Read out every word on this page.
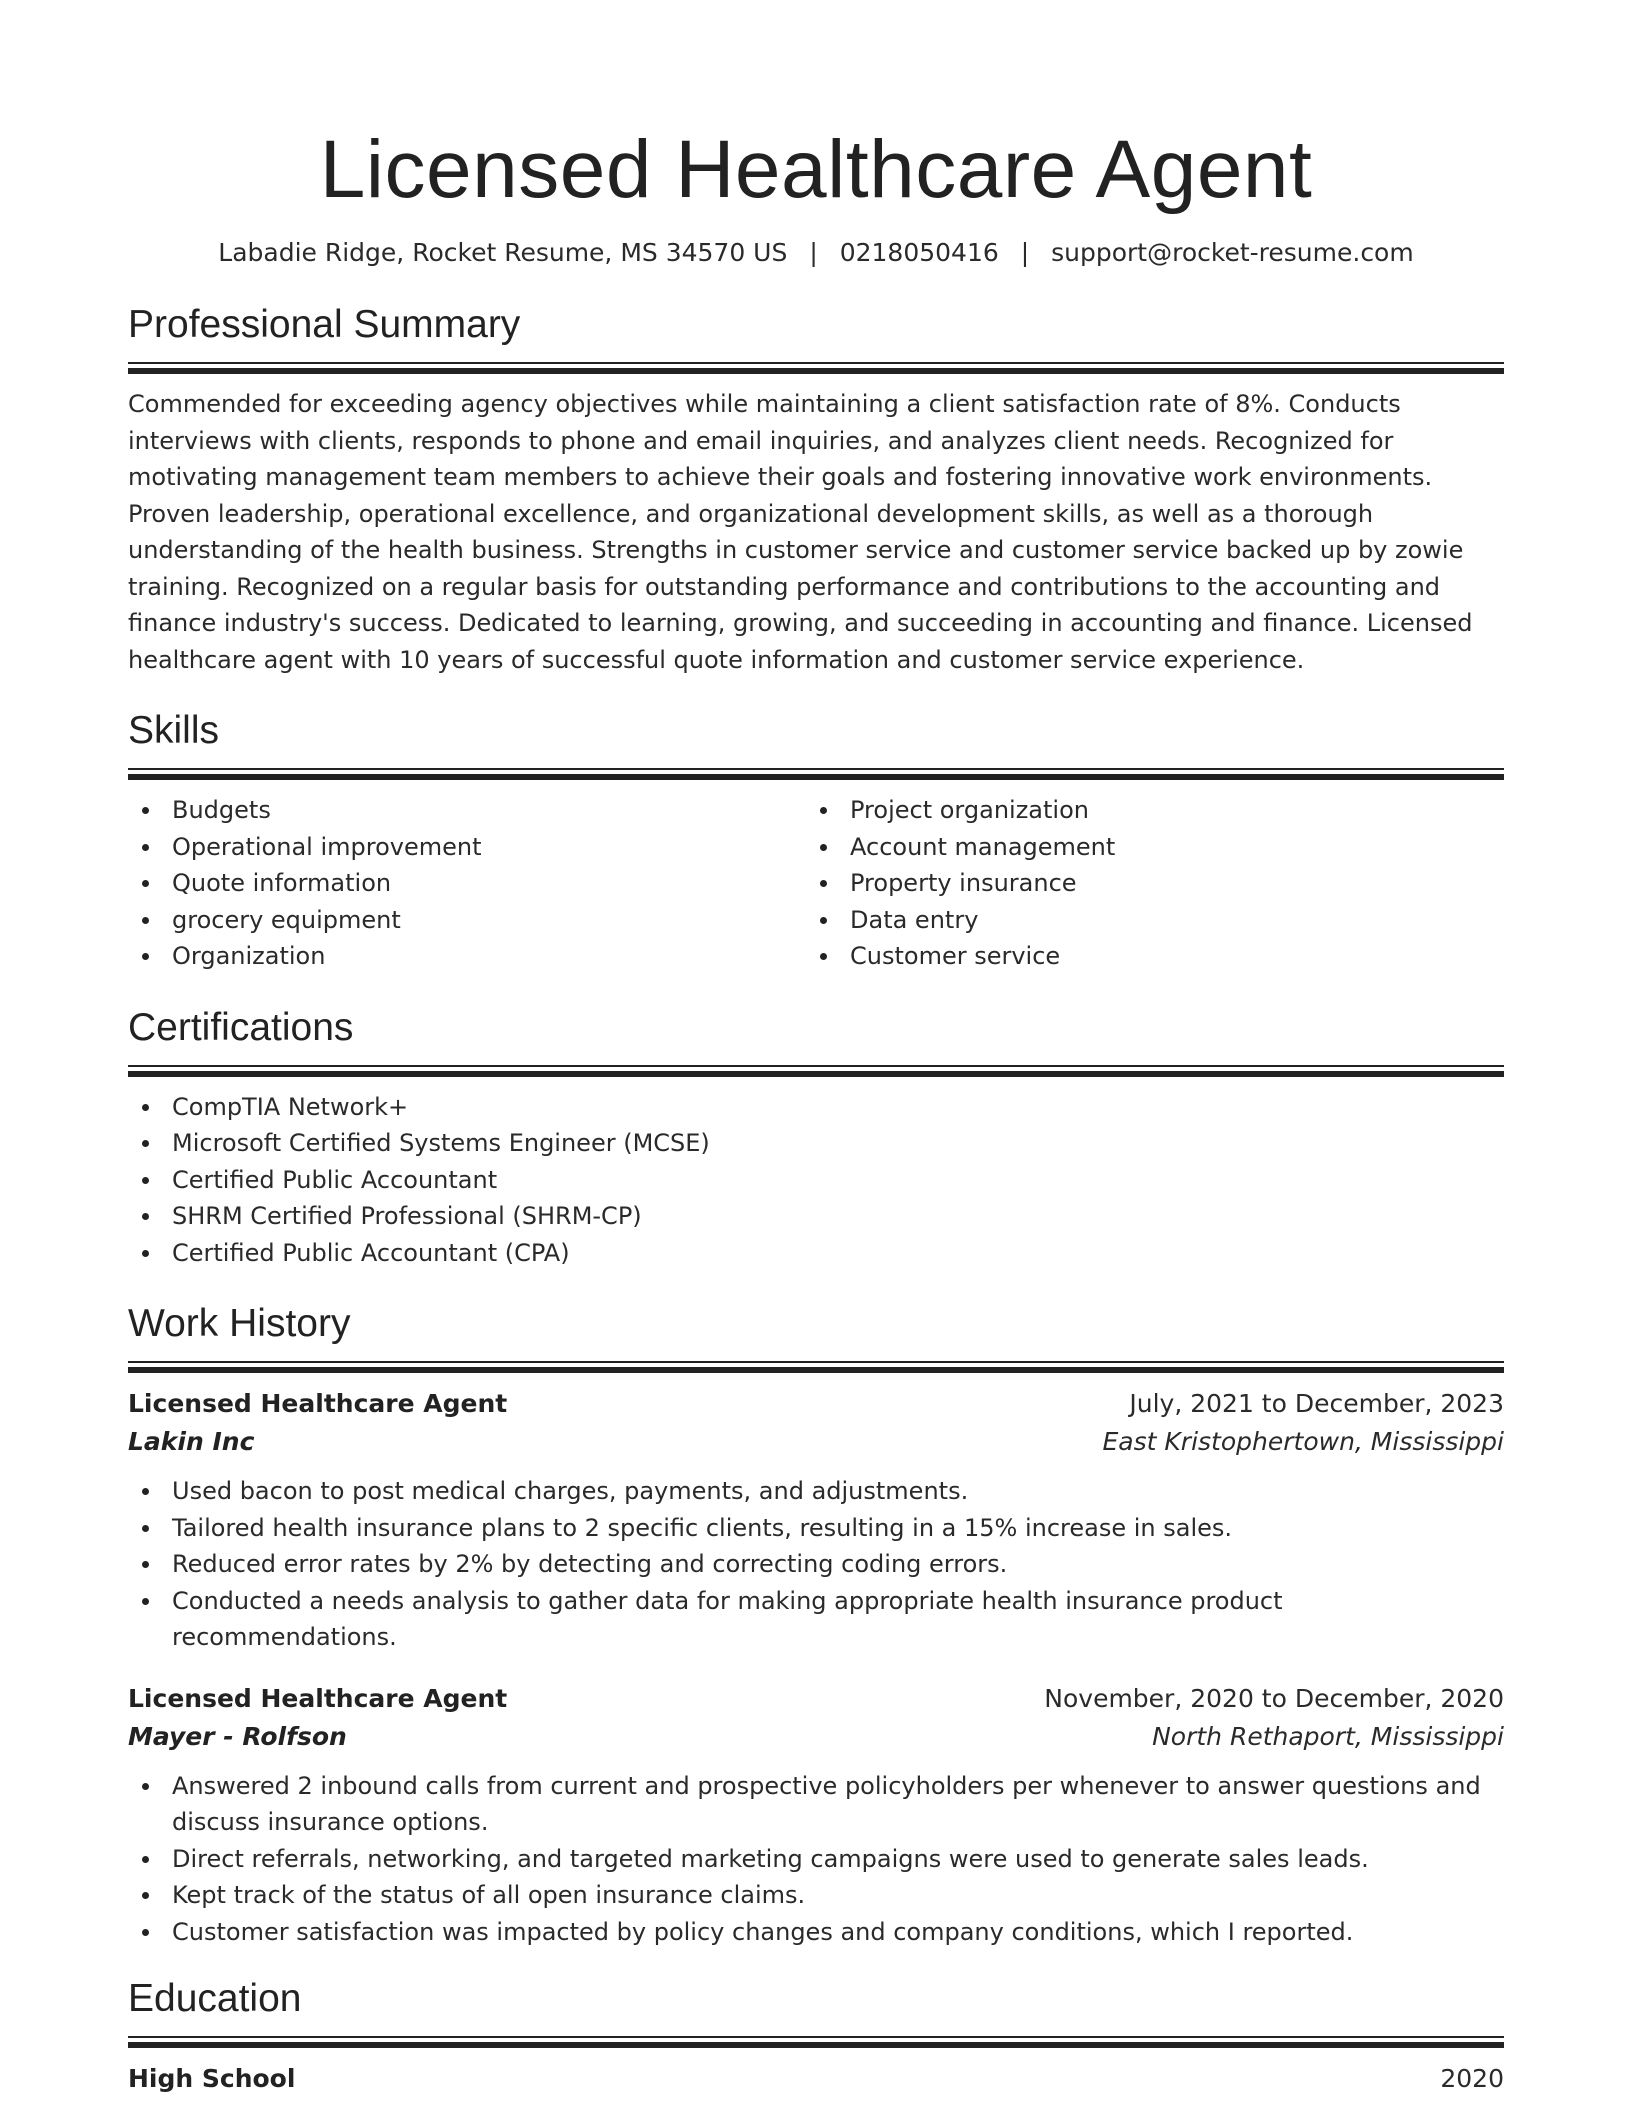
Licensed Healthcare Agent
Labadie Ridge, Rocket Resume, MS 34570 US | 0218050416 | support@rocket-resume.com
Professional Summary

Commended for exceeding agency objectives while maintaining a client satisfaction rate of 8%. Conducts interviews with clients, responds to phone and email inquiries, and analyzes client needs. Recognized for motivating management team members to achieve their goals and fostering innovative work environments. Proven leadership, operational excellence, and organizational development skills, as well as a thorough understanding of the health business. Strengths in customer service and customer service backed up by zowie training. Recognized on a regular basis for outstanding performance and contributions to the accounting and finance industry's success. Dedicated to learning, growing, and succeeding in accounting and finance. Licensed healthcare agent with 10 years of successful quote information and customer service experience.

Skills
Budgets
Operational improvement
Quote information
grocery equipment
Organization
Project organization
Account management
Property insurance
Data entry
Customer service
Certifications
CompTIA Network+
Microsoft Certified Systems Engineer (MCSE)
Certified Public Accountant
SHRM Certified Professional (SHRM-CP)
Certified Public Accountant (CPA)
Work History
Licensed Healthcare Agent	July, 2021 to December, 2023
Lakin Inc	East Kristophertown, Mississippi
Used bacon to post medical charges, payments, and adjustments.
Tailored health insurance plans to 2 specific clients, resulting in a 15% increase in sales.
Reduced error rates by 2% by detecting and correcting coding errors.
Conducted a needs analysis to gather data for making appropriate health insurance product recommendations.
Licensed Healthcare Agent	November, 2020 to December, 2020
Mayer - Rolfson	North Rethaport, Mississippi
Answered 2 inbound calls from current and prospective policyholders per whenever to answer questions and discuss insurance options.
Direct referrals, networking, and targeted marketing campaigns were used to generate sales leads.
Kept track of the status of all open insurance claims.
Customer satisfaction was impacted by policy changes and company conditions, which I reported.
Education
High School	2020
